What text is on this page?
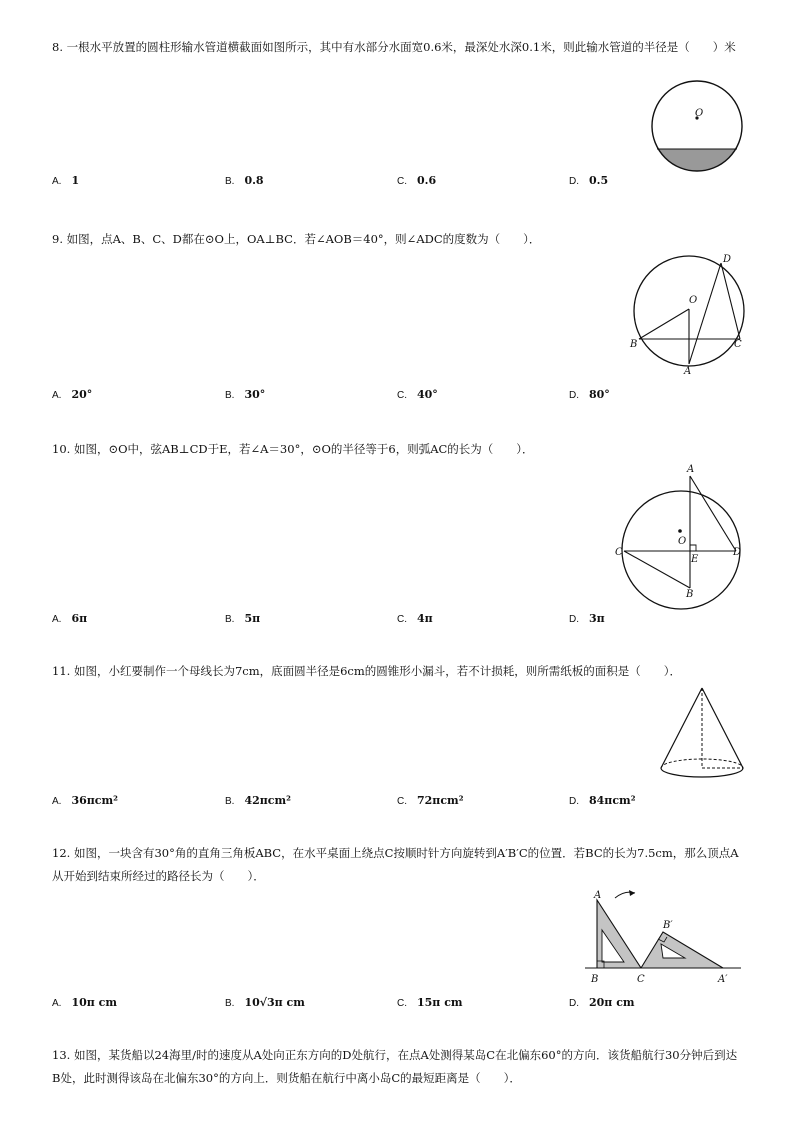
8. 一根水平放置的圆柱形输水管道横截面如图所示，其中有水部分水面宽0.6米，最深处水深0.1米，则此输水管道的半径是（　　）米
O
A. 1	B. 0.8	C. 0.6	D. 0.5
9. 如图，点A、B、C、D都在⊙O上，OA⊥BC．若∠AOB＝40°，则∠ADC的度数为（　　）．
D
O
B	C
A
A. 20°	B. 30°	C. 40°	D. 80°
10. 如图，⊙O中，弦AB⊥CD于E，若∠A＝30°，⊙O的半径等于6，则弧AC的长为（　　）．
A
O
C
E
D
B
A. 6π	B. 5π	C. 4π	D. 3π
11. 如图，小红要制作一个母线长为7cm，底面圆半径是6cm的圆锥形小漏斗，若不计损耗，则所需纸板的面积是（　　）．
A. 36πcm²	B. 42πcm²	C. 72πcm²	D. 84πcm²
12. 如图，一块含有30°角的直角三角板ABC，在水平桌面上绕点C按顺时针方向旋转到A′B′C的位置．若BC的长为7.5cm，那么顶点A从开始到结束所经过的路径长为（　　）．
A
B′
B	C	A′
A. 10π cm	B. 10√3π cm	C. 15π cm	D. 20π cm
13. 如图，某货船以24海里/时的速度从A处向正东方向的D处航行，在点A处测得某岛C在北偏东60°的方向．该货船航行30分钟后到达B处，此时测得该岛在北偏东30°的方向上．则货船在航行中离小岛C的最短距离是（　　）．
